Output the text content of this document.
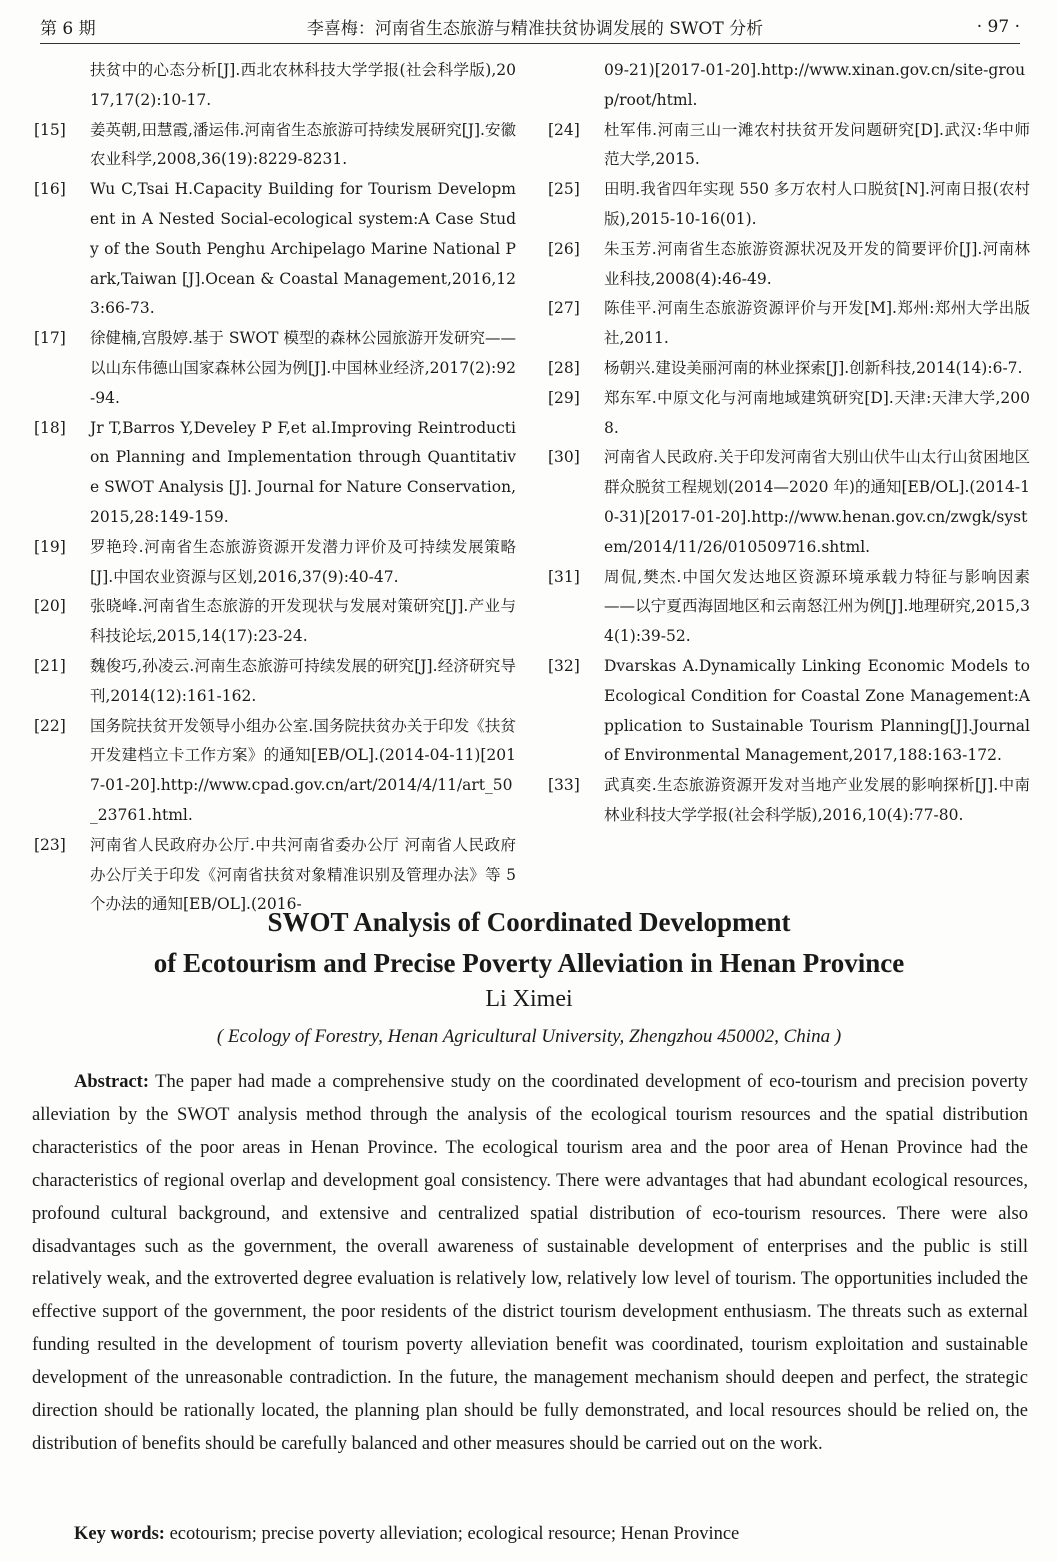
第 6 期	李喜梅：河南省生态旅游与精准扶贫协调发展的 SWOT 分析	· 97 ·
扶贫中的心态分析[J].西北农林科技大学学报(社会科学版),2017,17(2):10-17.
[15]	姜英朝,田慧霞,潘运伟.河南省生态旅游可持续发展研究[J].安徽农业科学,2008,36(19):8229-8231.
[16]	Wu C,Tsai H.Capacity Building for Tourism Development in A Nested Social-ecological system:A Case Study of the South Penghu Archipelago Marine National Park,Taiwan [J].Ocean & Coastal Management,2016,123:66-73.
[17]	徐健楠,宫殷婷.基于 SWOT 模型的森林公园旅游开发研究——以山东伟德山国家森林公园为例[J].中国林业经济,2017(2):92-94.
[18]	Jr T,Barros Y,Develey P F,et al.Improving Reintroduction Planning and Implementation through Quantitative SWOT Analysis [J]. Journal for Nature Conservation, 2015,28:149-159.
[19]	罗艳玲.河南省生态旅游资源开发潜力评价及可持续发展策略[J].中国农业资源与区划,2016,37(9):40-47.
[20]	张晓峰.河南省生态旅游的开发现状与发展对策研究[J].产业与科技论坛,2015,14(17):23-24.
[21]	魏俊巧,孙凌云.河南生态旅游可持续发展的研究[J].经济研究导刊,2014(12):161-162.
[22]	国务院扶贫开发领导小组办公室.国务院扶贫办关于印发《扶贫开发建档立卡工作方案》的通知[EB/OL].(2014-04-11)[2017-01-20].http://www.cpad.gov.cn/art/2014/4/11/art_50_23761.html.
[23]	河南省人民政府办公厅.中共河南省委办公厅 河南省人民政府办公厅关于印发《河南省扶贫对象精准识别及管理办法》等 5 个办法的通知[EB/OL].(2016-
09-21)[2017-01-20].http://www.xinan.gov.cn/site-group/root/html.
[24]	杜军伟.河南三山一滩农村扶贫开发问题研究[D].武汉:华中师范大学,2015.
[25]	田明.我省四年实现 550 多万农村人口脱贫[N].河南日报(农村版),2015-10-16(01).
[26]	朱玉芳.河南省生态旅游资源状况及开发的简要评价[J].河南林业科技,2008(4):46-49.
[27]	陈佳平.河南生态旅游资源评价与开发[M].郑州:郑州大学出版社,2011.
[28]	杨朝兴.建设美丽河南的林业探索[J].创新科技,2014(14):6-7.
[29]	郑东军.中原文化与河南地域建筑研究[D].天津:天津大学,2008.
[30]	河南省人民政府.关于印发河南省大别山伏牛山太行山贫困地区群众脱贫工程规划(2014—2020 年)的通知[EB/OL].(2014-10-31)[2017-01-20].http://www.henan.gov.cn/zwgk/system/2014/11/26/010509716.shtml.
[31]	周侃,樊杰.中国欠发达地区资源环境承载力特征与影响因素——以宁夏西海固地区和云南怒江州为例[J].地理研究,2015,34(1):39-52.
[32]	Dvarskas A.Dynamically Linking Economic Models to Ecological Condition for Coastal Zone Management:Application to Sustainable Tourism Planning[J].Journal of Environmental Management,2017,188:163-172.
[33]	武真奕.生态旅游资源开发对当地产业发展的影响探析[J].中南林业科技大学学报(社会科学版),2016,10(4):77-80.
SWOT Analysis of Coordinated Development
of Ecotourism and Precise Poverty Alleviation in Henan Province
Li Ximei
( Ecology of Forestry, Henan Agricultural University, Zhengzhou 450002, China )
Abstract: The paper had made a comprehensive study on the coordinated development of eco-tourism and precision poverty alleviation by the SWOT analysis method through the analysis of the ecological tourism resources and the spatial distribution characteristics of the poor areas in Henan Province. The ecological tourism area and the poor area of Henan Province had the characteristics of regional overlap and development goal consistency. There were advantages that had abundant ecological resources, profound cultural background, and extensive and centralized spatial distribution of eco-tourism resources. There were also disadvantages such as the government, the overall awareness of sustainable development of enterprises and the public is still relatively weak, and the extroverted degree evaluation is relatively low, relatively low level of tourism. The opportunities included the effective support of the government, the poor residents of the district tourism development enthusiasm. The threats such as external funding resulted in the development of tourism poverty alleviation benefit was coordinated, tourism exploitation and sustainable development of the unreasonable contradiction. In the future, the management mechanism should deepen and perfect, the strategic direction should be rationally located, the planning plan should be fully demonstrated, and local resources should be relied on, the distribution of benefits should be carefully balanced and other measures should be carried out on the work.
Key words: ecotourism; precise poverty alleviation; ecological resource; Henan Province
